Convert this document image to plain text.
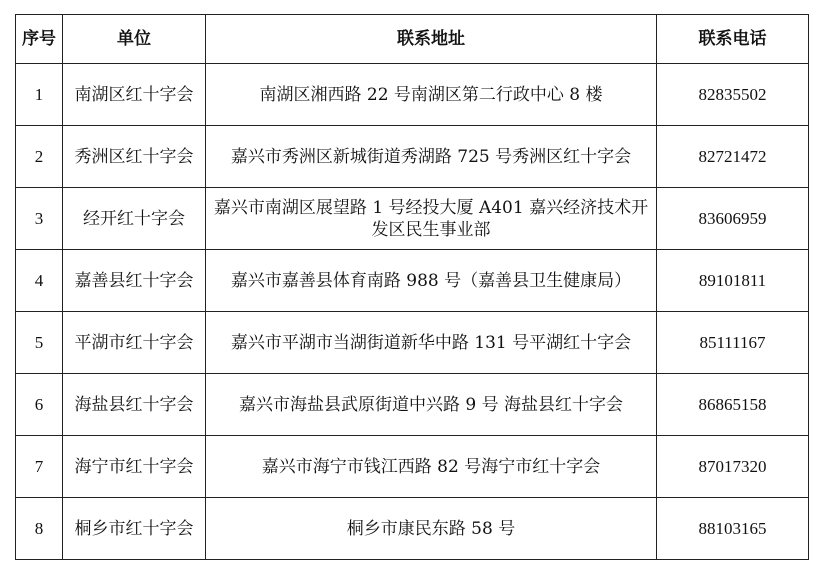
序号	单位	联系地址	联系电话
1	南湖区红十字会	南湖区湘西路 22 号南湖区第二行政中心 8 楼	82835502
2	秀洲区红十字会	嘉兴市秀洲区新城街道秀湖路 725 号秀洲区红十字会	82721472
3	经开红十字会	嘉兴市南湖区展望路 1 号经投大厦 A401 嘉兴经济技术开发区民生事业部	83606959
4	嘉善县红十字会	嘉兴市嘉善县体育南路 988 号（嘉善县卫生健康局）	89101811
5	平湖市红十字会	嘉兴市平湖市当湖街道新华中路 131 号平湖红十字会	85111167
6	海盐县红十字会	嘉兴市海盐县武原街道中兴路 9 号 海盐县红十字会	86865158
7	海宁市红十字会	嘉兴市海宁市钱江西路 82 号海宁市红十字会	87017320
8	桐乡市红十字会	桐乡市康民东路 58 号	88103165
